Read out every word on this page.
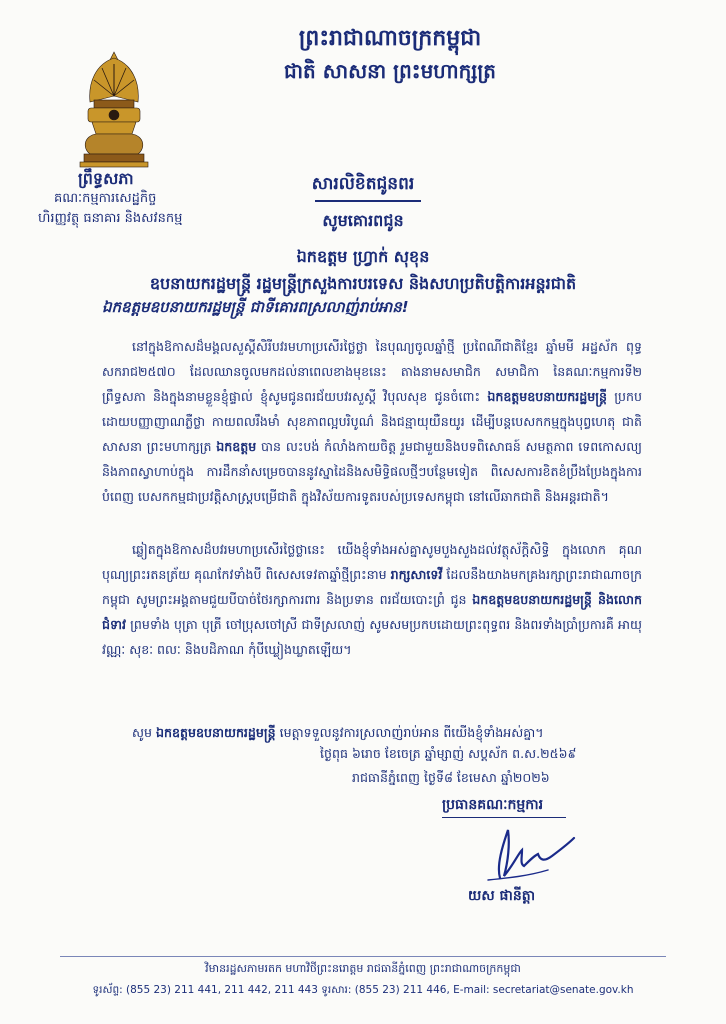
ព្រះរាជាណាចក្រកម្ពុជា
ជាតិ សាសនា ព្រះមហាក្សត្រ
ព្រឹទ្ធសភា
គណៈកម្មការសេដ្ឋកិច្ច
ហិរញ្ញវត្ថុ ធនាគារ និងសវនកម្ម
សារលិខិតជូនពរ
សូមគោរពជូន
ឯកឧត្តម ហ្វ្រាក់ សុខុន
ឧបនាយករដ្ឋមន្ត្រី រដ្ឋមន្ត្រីក្រសួងការបរទេស និងសហប្រតិបត្តិការអន្តរជាតិ
ឯកឧត្តមឧបនាយករដ្ឋមន្ត្រី ជាទីគោរពស្រលាញ់រាប់អាន!
នៅក្នុងឱកាសដ៏មង្គលសួស្តីសិរីបវរមហាប្រសើរថ្លៃថ្លា នៃបុណ្យចូលឆ្នាំថ្មី ប្រពៃណីជាតិខ្មែរ ឆ្នាំមមី អដ្ឋស័ក ពុទ្ធសករាជ២៥៧០ ដែលឈានចូលមកដល់នាពេលខាងមុខនេះ តាងនាមសមាជិក សមាជិកា នៃគណៈកម្មការទី២ ព្រឹទ្ធសភា និងក្នុងនាមខ្លួនខ្ញុំផ្ទាល់ ខ្ញុំសូមជូនពរជ័យបវរសួស្តី វិបុលសុខ ជូនចំពោះ ឯកឧត្តមឧបនាយករដ្ឋមន្ត្រី ប្រកបដោយបញ្ញាញាណភ្លឺថ្លា កាយពលរឹងមាំ សុខភាពល្អបរិបូណ៌ និងជន្មាយុយឺនយូរ ដើម្បីបន្តបេសកកម្មក្នុងបុព្វហេតុ ជាតិ សាសនា ព្រះមហាក្សត្រ ឯកឧត្តម បាន លះបង់ កំលាំងកាយចិត្ត រួមជាមួយនិងបទពិសោធន៍ សមត្ថភាព ទេពកោសល្យនិងភាពស្វាហាប់ក្នុង ការដឹកនាំសម្រេចបាននូវស្នាដៃនិងសមិទ្ធិផលថ្មីៗបន្ថែមទៀត ពិសេសការខិតខំប្រឹងប្រែងក្នុងការបំពេញ បេសកកម្មជាប្រវត្តិសាស្ត្របម្រើជាតិ ក្នុងវិស័យការទូតរបស់ប្រទេសកម្ពុជា នៅលើឆាកជាតិ និងអន្តរជាតិ។
ឆ្លៀតក្នុងឱកាសដ៏បវរមហាប្រសើរថ្លៃថ្លានេះ យើងខ្ញុំទាំងអស់គ្នាសូមបួងសួងដល់វត្ថុស័ក្តិសិទ្ធិ ក្នុងលោក គុណបុណ្យព្រះរតនត្រ័យ គុណកែវទាំងបី ពិសេសទេវតាឆ្នាំថ្មីព្រះនាម រាក្សសាទេវី ដែលនឹងយាងមកគ្រងរក្សាព្រះរាជាណាចក្រកម្ពុជា សូមព្រះអង្គតាមជួយបីបាច់ថែរក្សាការពារ និងប្រទាន ពរជ័យបោះព្រំ ជូន ឯកឧត្តមឧបនាយករដ្ឋមន្ត្រី និងលោកជំទាវ ព្រមទាំង បុត្រា បុត្រី ចៅប្រុសចៅស្រី ជាទីស្រលាញ់ សូមសមប្រកបដោយព្រះពុទ្ធពរ និងពរទាំងប្រាំប្រការគឺ អាយុ វណ្ណៈ សុខៈ ពលៈ និងបដិភាណ កុំបីឃ្លៀងឃ្លាតឡើយ។
សូម ឯកឧត្តមឧបនាយករដ្ឋមន្ត្រី មេត្តាទទួលនូវការស្រលាញ់រាប់អាន ពីយើងខ្ញុំទាំងអស់គ្នា។
ថ្ងៃពុធ ៦រោច ខែចេត្រ ឆ្នាំម្សាញ់ សប្តស័ក ព.ស.២៥៦៩
រាជធានីភ្នំពេញ ថ្ងៃទី៨ ខែមេសា ឆ្នាំ២០២៦
ប្រធានគណៈកម្មការ
យស ផានីត្តា
វិមានរដ្ឋសភាមរតក មហាវិថីព្រះនរោត្តម រាជធានីភ្នំពេញ ព្រះរាជាណាចក្រកម្ពុជា
ទូរស័ព្ទ: (855 23) 211 441, 211 442, 211 443 ទូរសារ: (855 23) 211 446, E-mail: secretariat@senate.gov.kh
